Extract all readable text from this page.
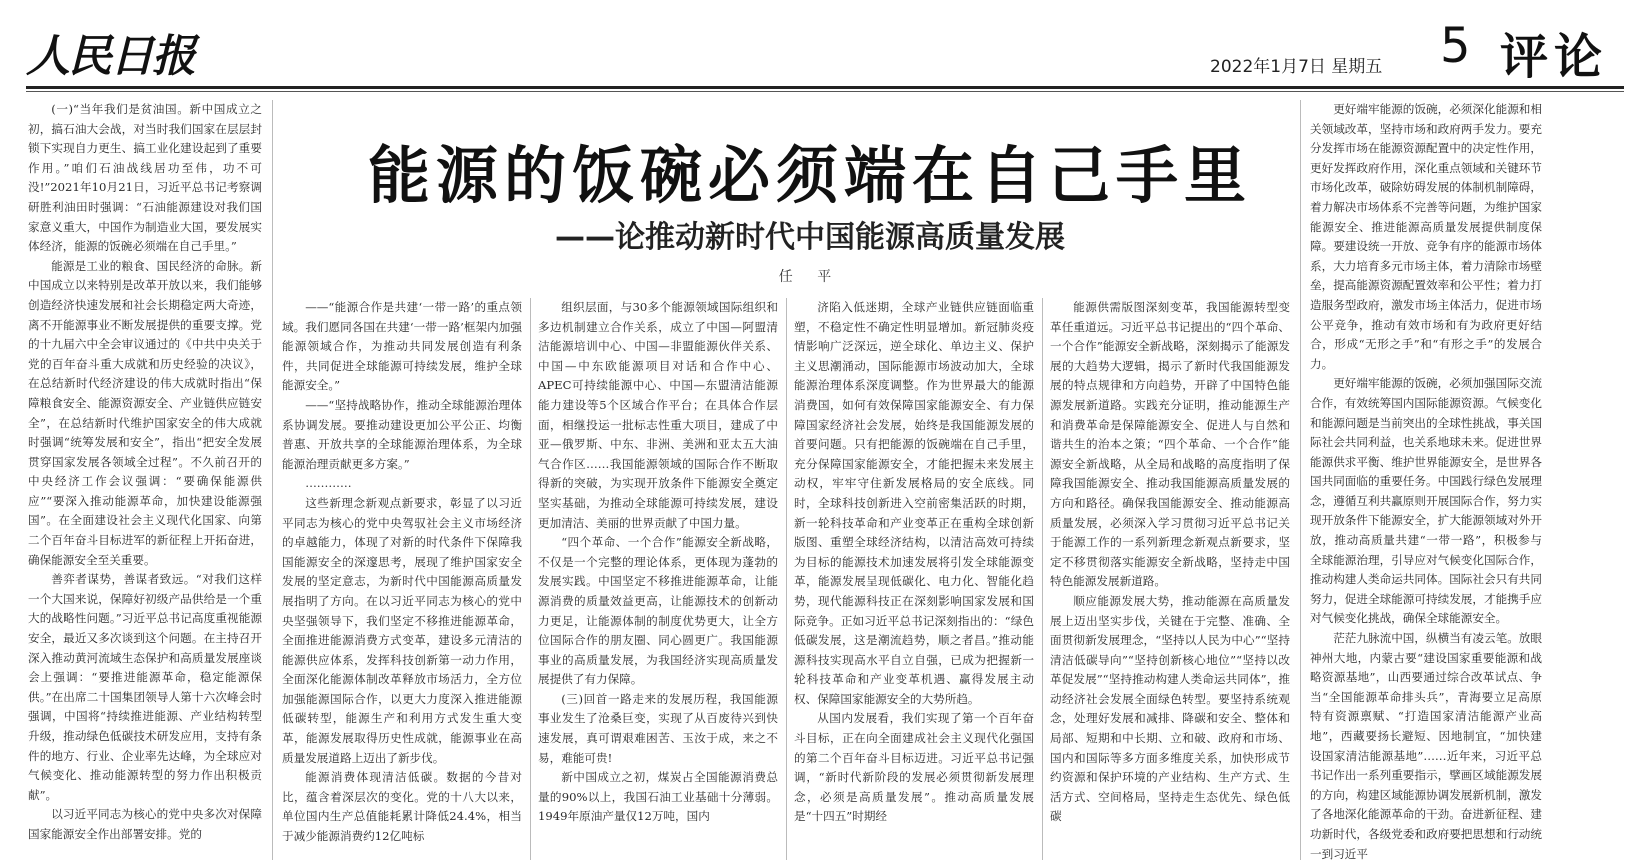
人民日报	2022年1月7日 星期五 5 评论

(一)“当年我们是贫油国。新中国成立之初，搞石油大会战，对当时我们国家在层层封锁下实现自力更生、搞工业化建设起到了重要作用。”咱们石油战线居功至伟，功不可没!”2021年10月21日，习近平总书记考察调研胜利油田时强调：“石油能源建设对我们国家意义重大，中国作为制造业大国，要发展实体经济，能源的饭碗必须端在自己手里。”

能源是工业的粮食、国民经济的命脉。新中国成立以来特别是改革开放以来，我们能够创造经济快速发展和社会长期稳定两大奇迹，离不开能源事业不断发展提供的重要支撑。党的十九届六中全会审议通过的《中共中央关于党的百年奋斗重大成就和历史经验的决议》，在总结新时代经济建设的伟大成就时指出“保障粮食安全、能源资源安全、产业链供应链安全”，在总结新时代维护国家安全的伟大成就时强调“统筹发展和安全”，指出“把安全发展贯穿国家发展各领域全过程”。不久前召开的中央经济工作会议强调：“要确保能源供应”“要深入推动能源革命，加快建设能源强国”。在全面建设社会主义现代化国家、向第二个百年奋斗目标进军的新征程上开拓奋进，确保能源安全至关重要。

善弈者谋势，善谋者致远。“对我们这样一个大国来说，保障好初级产品供给是一个重大的战略性问题。”习近平总书记高度重视能源安全，最近又多次谈到这个问题。在主持召开深入推动黄河流域生态保护和高质量发展座谈会上强调：“要推进能源革命，稳定能源保供。”在出席二十国集团领导人第十六次峰会时强调，中国将“持续推进能源、产业结构转型升级，推动绿色低碳技术研发应用，支持有条件的地方、行业、企业率先达峰，为全球应对气候变化、推动能源转型的努力作出积极贡献”。

以习近平同志为核心的党中央多次对保障国家能源安全作出部署安排。党的

能源的饭碗必须端在自己手里
——论推动新时代中国能源高质量发展
任 平

——“能源合作是共建‘一带一路’的重点领域。我们愿同各国在共建‘一带一路’框架内加强能源领域合作，为推动共同发展创造有利条件，共同促进全球能源可持续发展，维护全球能源安全。”

——“坚持战略协作，推动全球能源治理体系协调发展。要推动建设更加公平公正、均衡普惠、开放共享的全球能源治理体系，为全球能源治理贡献更多方案。”

…………

这些新理念新观点新要求，彰显了以习近平同志为核心的党中央驾驭社会主义市场经济的卓越能力，体现了对新的时代条件下保障我国能源安全的深邃思考，展现了维护国家安全发展的坚定意志，为新时代中国能源高质量发展指明了方向。在以习近平同志为核心的党中央坚强领导下，我们坚定不移推进能源革命，全面推进能源消费方式变革，建设多元清洁的能源供应体系，发挥科技创新第一动力作用，全面深化能源体制改革释放市场活力，全方位加强能源国际合作，以更大力度深入推进能源低碳转型，能源生产和利用方式发生重大变革，能源发展取得历史性成就，能源事业在高质量发展道路上迈出了新步伐。

能源消费体现清洁低碳。数据的今昔对比，蕴含着深层次的变化。党的十八大以来，单位国内生产总值能耗累计降低24.4%，相当于减少能源消费约12亿吨标

组织层面，与30多个能源领域国际组织和多边机制建立合作关系，成立了中国—阿盟清洁能源培训中心、中国—非盟能源伙伴关系、中国—中东欧能源项目对话和合作中心、APEC可持续能源中心、中国—东盟清洁能源能力建设等5个区域合作平台；在具体合作层面，相继投运一批标志性重大项目，建成了中亚—俄罗斯、中东、非洲、美洲和亚太五大油气合作区……我国能源领域的国际合作不断取得新的突破，为实现开放条件下能源安全奠定坚实基础，为推动全球能源可持续发展，建设更加清洁、美丽的世界贡献了中国力量。

“四个革命、一个合作”能源安全新战略，不仅是一个完整的理论体系，更体现为蓬勃的发展实践。中国坚定不移推进能源革命，让能源消费的质量效益更高，让能源技术的创新动力更足，让能源体制的制度优势更大，让全方位国际合作的朋友圈、同心圆更广。我国能源事业的高质量发展，为我国经济实现高质量发展提供了有力保障。

(三)回首一路走来的发展历程，我国能源事业发生了沧桑巨变，实现了从百废待兴到快速发展，真可谓艰难困苦、玉汝于成，来之不易，难能可贵!

新中国成立之初，煤炭占全国能源消费总量的90%以上，我国石油工业基础十分薄弱。1949年原油产量仅12万吨，国内

济陷入低迷期，全球产业链供应链面临重塑，不稳定性不确定性明显增加。新冠肺炎疫情影响广泛深远，逆全球化、单边主义、保护主义思潮涌动，国际能源市场波动加大，全球能源治理体系深度调整。作为世界最大的能源消费国，如何有效保障国家能源安全、有力保障国家经济社会发展，始终是我国能源发展的首要问题。只有把能源的饭碗端在自己手里，充分保障国家能源安全，才能把握未来发展主动权，牢牢守住新发展格局的安全底线。同时，全球科技创新进入空前密集活跃的时期，新一轮科技革命和产业变革正在重构全球创新版图、重塑全球经济结构，以清洁高效可持续为目标的能源技术加速发展将引发全球能源变革，能源发展呈现低碳化、电力化、智能化趋势，现代能源科技正在深刻影响国家发展和国际竞争。正如习近平总书记深刻指出的：“绿色低碳发展，这是潮流趋势，顺之者昌。”推动能源科技实现高水平自立自强，已成为把握新一轮科技革命和产业变革机遇、赢得发展主动权、保障国家能源安全的大势所趋。

从国内发展看，我们实现了第一个百年奋斗目标，正在向全面建成社会主义现代化强国的第二个百年奋斗目标迈进。习近平总书记强调，“新时代新阶段的发展必须贯彻新发展理念，必须是高质量发展”。推动高质量发展是“十四五”时期经

能源供需版图深刻变革，我国能源转型变革任重道远。习近平总书记提出的“四个革命、一个合作”能源安全新战略，深刻揭示了能源发展的大趋势大逻辑，揭示了新时代我国能源发展的特点规律和方向趋势，开辟了中国特色能源发展新道路。实践充分证明，推动能源生产和消费革命是保障能源安全、促进人与自然和谐共生的治本之策；“四个革命、一个合作”能源安全新战略，从全局和战略的高度指明了保障我国能源安全、推动我国能源高质量发展的方向和路径。确保我国能源安全、推动能源高质量发展，必须深入学习贯彻习近平总书记关于能源工作的一系列新理念新观点新要求，坚定不移贯彻落实能源安全新战略，坚持走中国特色能源发展新道路。

顺应能源发展大势，推动能源在高质量发展上迈出坚实步伐，关键在于完整、准确、全面贯彻新发展理念，“坚持以人民为中心”“坚持清洁低碳导向”“坚持创新核心地位”“坚持以改革促发展”“坚持推动构建人类命运共同体”，推动经济社会发展全面绿色转型。要坚持系统观念，处理好发展和减排、降碳和安全、整体和局部、短期和中长期、立和破、政府和市场、国内和国际等多方面多维度关系，加快形成节约资源和保护环境的产业结构、生产方式、生活方式、空间格局，坚持走生态优先、绿色低碳

更好端牢能源的饭碗，必须深化能源和相关领域改革，坚持市场和政府两手发力。要充分发挥市场在能源资源配置中的决定性作用，更好发挥政府作用，深化重点领域和关键环节市场化改革，破除妨碍发展的体制机制障碍，着力解决市场体系不完善等问题，为维护国家能源安全、推进能源高质量发展提供制度保障。要建设统一开放、竞争有序的能源市场体系，大力培育多元市场主体，着力清除市场壁垒，提高能源资源配置效率和公平性；着力打造服务型政府，激发市场主体活力，促进市场公平竞争，推动有效市场和有为政府更好结合，形成“无形之手”和“有形之手”的发展合力。

更好端牢能源的饭碗，必须加强国际交流合作，有效统筹国内国际能源资源。气候变化和能源问题是当前突出的全球性挑战，事关国际社会共同利益，也关系地球未来。促进世界能源供求平衡、维护世界能源安全，是世界各国共同面临的重要任务。中国践行绿色发展理念，遵循互利共赢原则开展国际合作，努力实现开放条件下能源安全，扩大能源领域对外开放，推动高质量共建“一带一路”，积极参与全球能源治理，引导应对气候变化国际合作，推动构建人类命运共同体。国际社会只有共同努力，促进全球能源可持续发展，才能携手应对气候变化挑战，确保全球能源安全。

茫茫九脉流中国，纵横当有凌云笔。放眼神州大地，内蒙古要“建设国家重要能源和战略资源基地”，山西要通过综合改革试点、争当“全国能源革命排头兵”，青海要立足高原特有资源禀赋、“打造国家清洁能源产业高地”，西藏要扬长避短、因地制宜，“加快建设国家清洁能源基地”……近年来，习近平总书记作出一系列重要指示，擘画区域能源发展的方向，构建区域能源协调发展新机制，激发了各地深化能源革命的干劲。奋进新征程、建功新时代，各级党委和政府要把思想和行动统一到习近平
